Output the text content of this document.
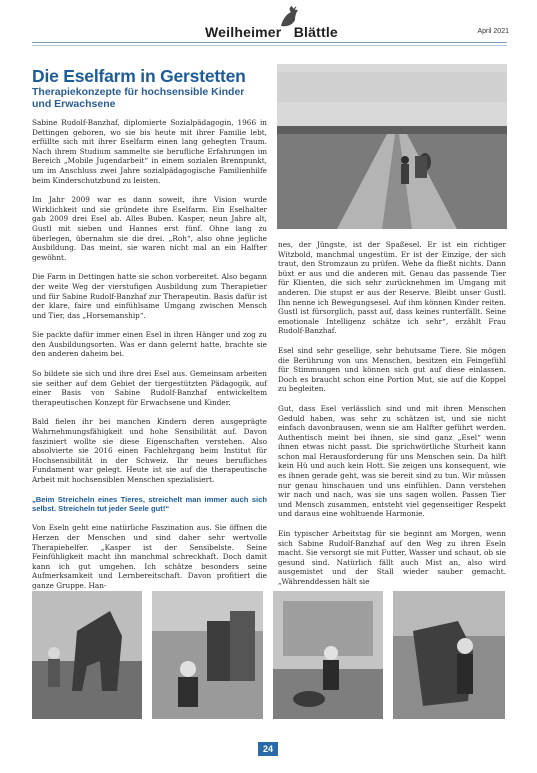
Weilheimer Blättle	April 2021
Die Eselfarm in Gerstetten
Therapiekonzepte für hochsensible Kinder und Erwachsene

Sabine Rudolf-Banzhaf, diplomierte Sozialpädagogin, 1966 in Dettingen geboren, wo sie bis heute mit ihrer Familie lebt, erfüllte sich mit ihrer Eselfarm einen lang gehegten Traum. Nach ihrem Studium sammelte sie berufliche Erfahrungen im Bereich „Mobile Jugendarbeit“ in einem sozialen Brennpunkt, um im Anschluss zwei Jahre sozialpädagogische Familienhilfe beim Kinderschutzbund zu leisten.

Im Jahr 2009 war es dann soweit, ihre Vision wurde Wirklichkeit und sie gründete ihre Eselfarm. Ein Eselhalter gab 2009 drei Esel ab. Alles Buben. Kasper, neun Jahre alt, Gustl mit sieben und Hannes erst fünf. Ohne lang zu überlegen, übernahm sie die drei. „Roh“, also ohne jegliche Ausbildung. Das meint, sie waren nicht mal an ein Halfter gewöhnt.

Die Farm in Dettingen hatte sie schon vorbereitet. Also begann der weite Weg der vierstufigen Ausbildung zum Therapietier und für Sabine Rudolf-Banzhaf zur Therapeutin. Basis dafür ist der klare, faire und einfühlsame Umgang zwischen Mensch und Tier, das „Horsemanship“.

Sie packte dafür immer einen Esel in ihren Hänger und zog zu den Ausbildungsorten. Was er dann gelernt hatte, brachte sie den anderen daheim bei.

So bildete sie sich und ihre drei Esel aus. Gemeinsam arbeiten sie seither auf dem Gebiet der tiergestützten Pädagogik, auf einer Basis von Sabine Rudolf-Banzhaf entwickeltem therapeutischen Konzept für Erwachsene und Kinder.

Bald fielen ihr bei manchen Kindern deren ausgeprägte Wahrnehmungsfähigkeit und hohe Sensibilität auf. Davon fasziniert wollte sie diese Eigenschaften verstehen. Also absolvierte sie 2016 einen Fachlehrgang beim Institut für Hochsensibilität in der Schweiz. Ihr neues berufliches Fundament war gelegt. Heute ist sie auf die therapeutische Arbeit mit hochsensiblen Menschen spezialisiert.

„Beim Streicheln eines Tieres, streichelt man immer auch sich selbst. Streicheln tut jeder Seele gut!“

Von Eseln geht eine natürliche Faszination aus. Sie öffnen die Herzen der Menschen und sind daher sehr wertvolle Therapiehelfer. „Kasper ist der Sensibelste. Seine Feinfühligkeit macht ihn manchmal schreckhaft. Doch damit kann ich gut umgehen. Ich schätze besonders seine Aufmerksamkeit und Lernbereitschaft. Davon profitiert die ganze Gruppe. Han-

nes, der Jüngste, ist der Spaßesel. Er ist ein richtiger Witzbold, manchmal ungestüm. Er ist der Einzige, der sich traut, den Stromzaun zu prüfen. Wehe da fließt nichts. Dann büxt er aus und die anderen mit. Genau das passende Tier für Klienten, die sich sehr zurücknehmen im Umgang mit anderen. Die stupst er aus der Reserve. Bleibt unser Gustl. Ihn nenne ich Bewegungsesel. Auf ihm können Kinder reiten. Gustl ist fürsorglich, passt auf, dass keines runterfällt. Seine emotionale Intelligenz schätze ich sehr“, erzählt Frau Rudolf-Banzhaf.

Esel sind sehr gesellige, sehr behutsame Tiere. Sie mögen die Berührung von uns Menschen, besitzen ein Feingefühl für Stimmungen und können sich gut auf diese einlassen. Doch es braucht schon eine Portion Mut, sie auf die Koppel zu begleiten.

Gut, dass Esel verlässlich sind und mit ihren Menschen Geduld haben, was sehr zu schätzen ist, und sie nicht einfach davonbrausen, wenn sie am Halfter geführt werden. Authentisch meint bei ihnen, sie sind ganz „Esel“ wenn ihnen etwas nicht passt. Die sprichwörtliche Sturheit kann schon mal Herausforderung für uns Menschen sein. Da hilft kein Hü und auch kein Hott. Sie zeigen uns konsequent, wie es ihnen gerade geht, was sie bereit sind zu tun. Wir müssen nur genau hinschauen und uns einfühlen. Dann verstehen wir nach und nach, was sie uns sagen wollen. Passen Tier und Mensch zusammen, entsteht viel gegenseitiger Respekt und daraus eine wohltuende Harmonie.

Ein typischer Arbeitstag für sie beginnt am Morgen, wenn sich Sabine Rudolf-Banzhaf auf den Weg zu ihren Eseln macht. Sie versorgt sie mit Futter, Wasser und schaut, ob sie gesund sind. Natürlich fällt auch Mist an, also wird ausgemistet und der Stall wieder sauber gemacht. „Währenddessen hält sie

24
